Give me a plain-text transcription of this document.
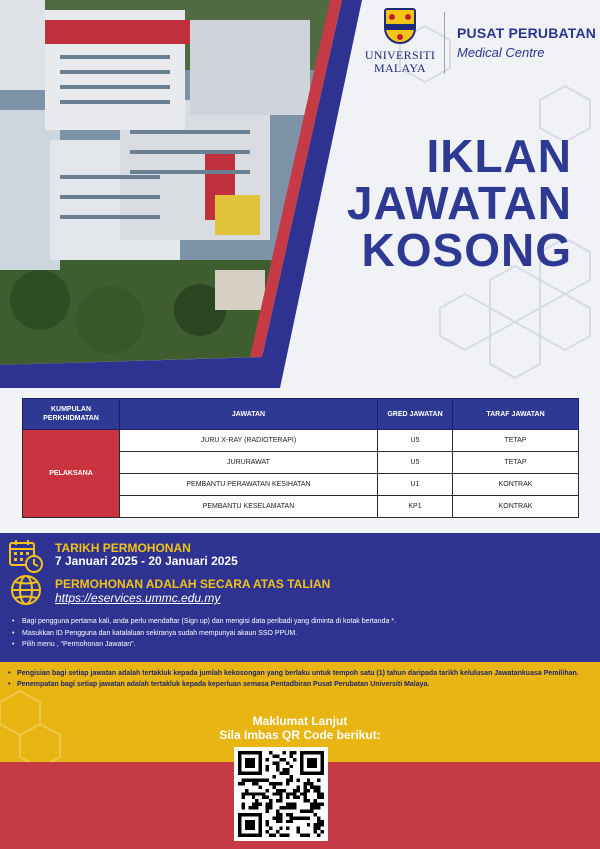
UNIVERSITI
MALAYA
PUSAT PERUBATAN
Medical Centre
IKLAN
JAWATAN
KOSONG
KUMPULAN
PERKHIDMATAN	JAWATAN	GRED JAWATAN	TARAF JAWATAN
PELAKSANA	JURU X-RAY (RADIOTERAPI)	U5	TETAP
	JURURAWAT	U5	TETAP
	PEMBANTU PERAWATAN KESIHATAN	U1	KONTRAK
	PEMBANTU KESELAMATAN	KP1	KONTRAK
TARIKH PERMOHONAN
7 Januari 2025 - 20 Januari 2025
PERMOHONAN ADALAH SECARA ATAS TALIAN
https://eservices.ummc.edu.my
• Bagi pengguna pertama kali, anda perlu mendaftar (Sign up) dan mengisi data peribadi yang diminta di kotak bertanda *.
• Masukkan ID Pengguna dan katalaluan sekiranya sudah mempunyai akaun SSO PPUM.
• Pilih menu , "Permohonan Jawatan".
• Pengisian bagi setiap jawatan adalah tertakluk kepada jumlah kekosongan yang berlaku untuk tempoh satu (1) tahun daripada tarikh kelulusan Jawatankuasa Pemilihan.
• Penempatan bagi setiap jawatan adalah tertakluk kepada keperluan semasa Pentadbiran Pusat Perubatan Universiti Malaya.
Maklumat Lanjut
Sila Imbas QR Code berikut:
